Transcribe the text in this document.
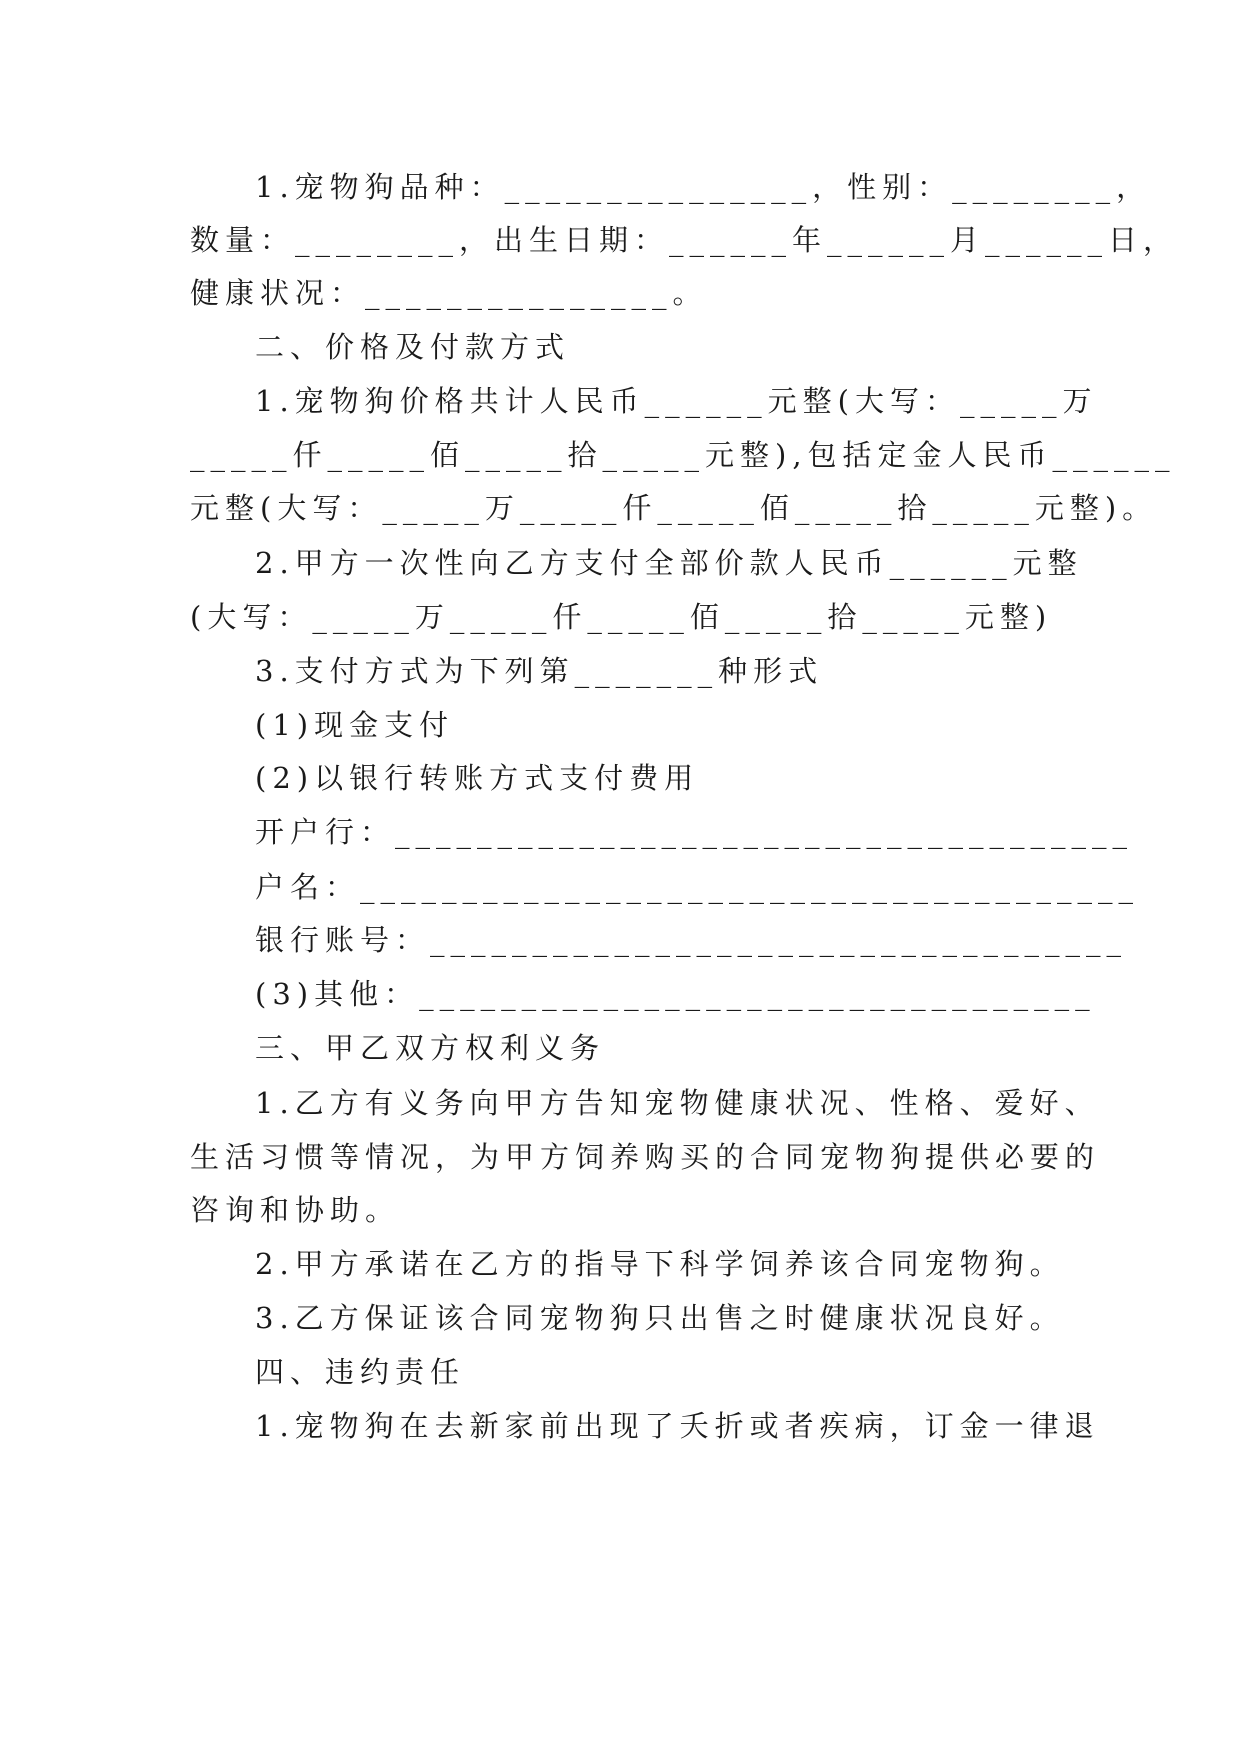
1.宠物狗品种：_______________，性别：________，
数量：________，出生日期：______年______月______日，
健康状况：_______________。
二、价格及付款方式
1.宠物狗价格共计人民币______元整(大写：_____万
_____仟_____佰_____拾_____元整),包括定金人民币______
元整(大写：_____万_____仟_____佰_____拾_____元整)。
2.甲方一次性向乙方支付全部价款人民币______元整
(大写：_____万_____仟_____佰_____拾_____元整)
3.支付方式为下列第_______种形式
(1)现金支付
(2)以银行转账方式支付费用
开户行：____________________________________
户名：______________________________________
银行账号：__________________________________
(3)其他：_________________________________
三、甲乙双方权利义务
1.乙方有义务向甲方告知宠物健康状况、性格、爱好、
生活习惯等情况，为甲方饲养购买的合同宠物狗提供必要的
咨询和协助。
2.甲方承诺在乙方的指导下科学饲养该合同宠物狗。
3.乙方保证该合同宠物狗只出售之时健康状况良好。
四、违约责任
1.宠物狗在去新家前出现了夭折或者疾病，订金一律退
